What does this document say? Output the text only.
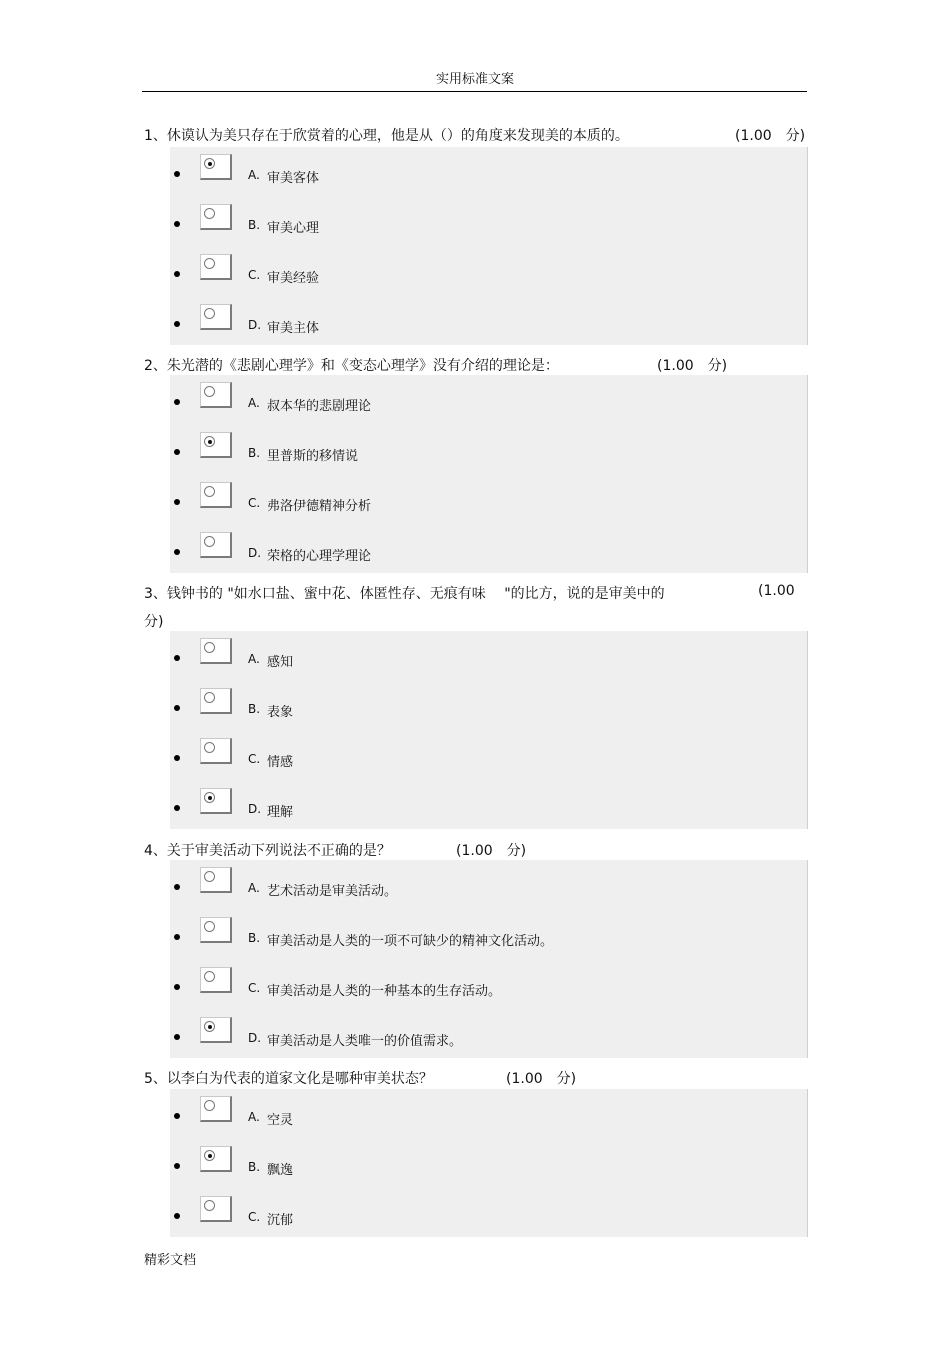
实用标准文案
1、休谟认为美只存在于欣赏着的心理，他是从（）的角度来发现美的本质的。	(1.00　分)
A. 审美客体
B. 审美心理
C. 审美经验
D. 审美主体
2、朱光潜的《悲剧心理学》和《变态心理学》没有介绍的理论是：	(1.00　分)
A. 叔本华的悲剧理论
B. 里普斯的移情说
C. 弗洛伊德精神分析
D. 荣格的心理学理论
3、钱钟书的 "如水口盐、蜜中花、体匿性存、无痕有味　 "的比方，说的是审美中的	(1.00
分)
A. 感知
B. 表象
C. 情感
D. 理解
4、关于审美活动下列说法不正确的是？	(1.00　分)
A. 艺术活动是审美活动。
B. 审美活动是人类的一项不可缺少的精神文化活动。
C. 审美活动是人类的一种基本的生存活动。
D. 审美活动是人类唯一的价值需求。
5、以李白为代表的道家文化是哪种审美状态？	(1.00　分)
A. 空灵
B. 飘逸
C. 沉郁
精彩文档
